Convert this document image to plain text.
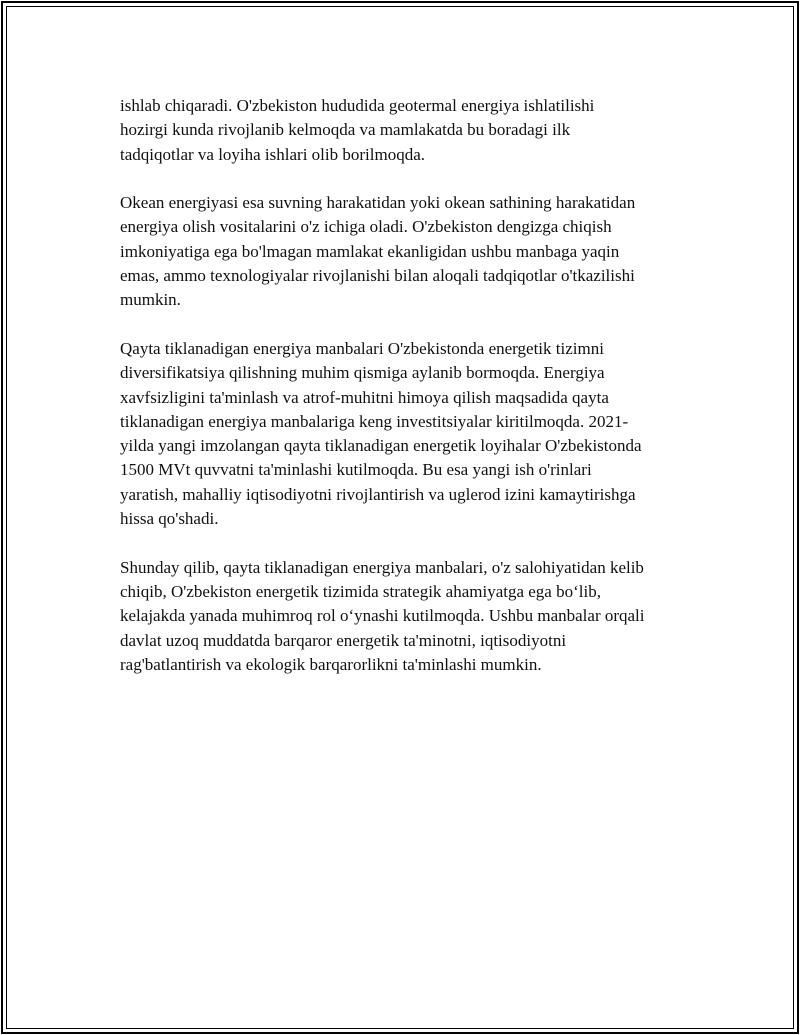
ishlab chiqaradi. O'zbekiston hududida geotermal energiya ishlatilishi
hozirgi kunda rivojlanib kelmoqda va mamlakatda bu boradagi ilk
tadqiqotlar va loyiha ishlari olib borilmoqda.

Okean energiyasi esa suvning harakatidan yoki okean sathining harakatidan
energiya olish vositalarini o'z ichiga oladi. O'zbekiston dengizga chiqish
imkoniyatiga ega bo'lmagan mamlakat ekanligidan ushbu manbaga yaqin
emas, ammo texnologiyalar rivojlanishi bilan aloqali tadqiqotlar o'tkazilishi
mumkin.

Qayta tiklanadigan energiya manbalari O'zbekistonda energetik tizimni
diversifikatsiya qilishning muhim qismiga aylanib bormoqda. Energiya
xavfsizligini ta'minlash va atrof-muhitni himoya qilish maqsadida qayta
tiklanadigan energiya manbalariga keng investitsiyalar kiritilmoqda. 2021-
yilda yangi imzolangan qayta tiklanadigan energetik loyihalar O'zbekistonda
1500 MVt quvvatni ta'minlashi kutilmoqda. Bu esa yangi ish o'rinlari
yaratish, mahalliy iqtisodiyotni rivojlantirish va uglerod izini kamaytirishga
hissa qo'shadi.

Shunday qilib, qayta tiklanadigan energiya manbalari, o'z salohiyatidan kelib
chiqib, O'zbekiston energetik tizimida strategik ahamiyatga ega bo‘lib,
kelajakda yanada muhimroq rol o‘ynashi kutilmoqda. Ushbu manbalar orqali
davlat uzoq muddatda barqaror energetik ta'minotni, iqtisodiyotni
rag'batlantirish va ekologik barqarorlikni ta'minlashi mumkin.
